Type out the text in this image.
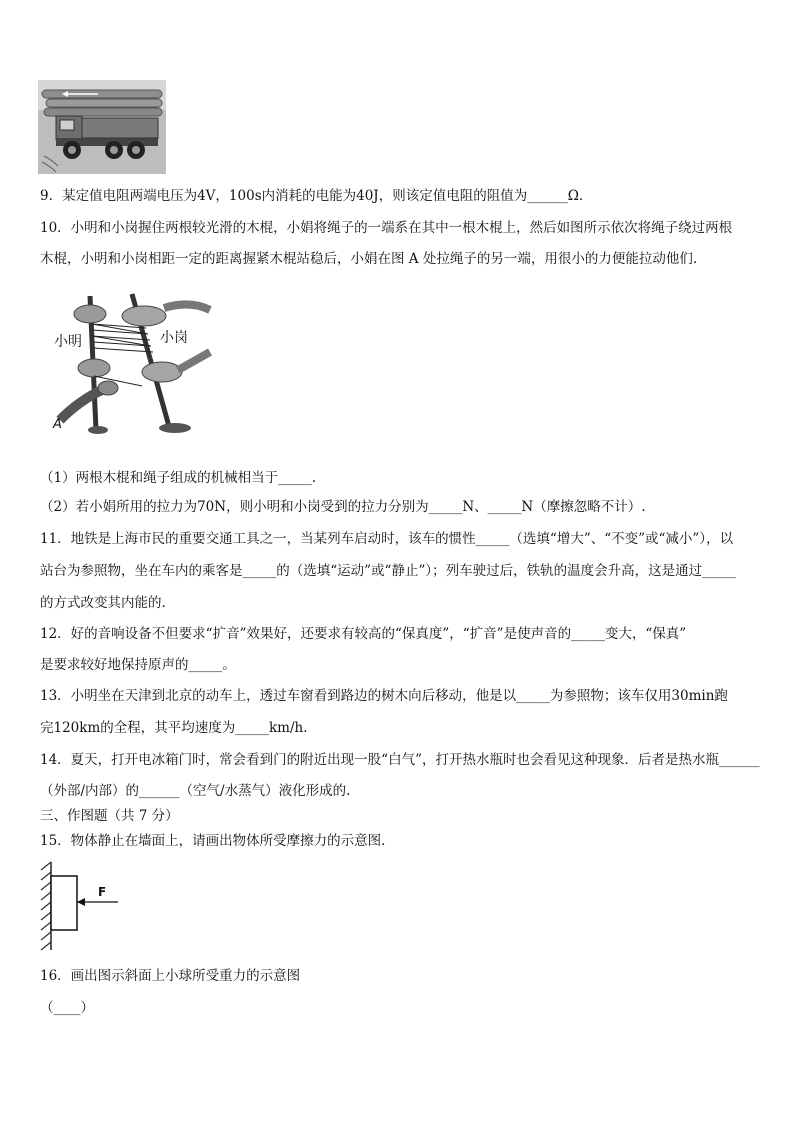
9．某定值电阻两端电压为4V，100s内消耗的电能为40J，则该定值电阻的阻值为______Ω．
10．小明和小岗握住两根较光滑的木棍，小娟将绳子的一端系在其中一根木棍上，然后如图所示依次将绳子绕过两根
木棍，小明和小岗相距一定的距离握紧木棍站稳后，小娟在图 A 处拉绳子的另一端，用很小的力便能拉动他们.
小明	小岗
A
（1）两根木棍和绳子组成的机械相当于_____.
（2）若小娟所用的拉力为70N，则小明和小岗受到的拉力分别为_____N、_____N（摩擦忽略不计）.
11．地铁是上海市民的重要交通工具之一，当某列车启动时，该车的惯性_____（选填“增大”、“不变”或“减小”），以
站台为参照物，坐在车内的乘客是_____的（选填“运动”或“静止”）；列车驶过后，铁轨的温度会升高，这是通过_____
的方式改变其内能的.
12．好的音响设备不但要求“扩音”效果好，还要求有较高的“保真度”，“扩音”是使声音的_____变大，“保真”
是要求较好地保持原声的_____。
13．小明坐在天津到北京的动车上，透过车窗看到路边的树木向后移动，他是以_____为参照物；该车仅用30min跑
完120km的全程，其平均速度为_____km/h.
14．夏天，打开电冰箱门时，常会看到门的附近出现一股“白气”，打开热水瓶时也会看见这种现象．后者是热水瓶______
（外部/内部）的______（空气/水蒸气）液化形成的.
三、作图题（共 7 分）
15．物体静止在墙面上，请画出物体所受摩擦力的示意图.
F
16．画出图示斜面上小球所受重力的示意图
（____）
